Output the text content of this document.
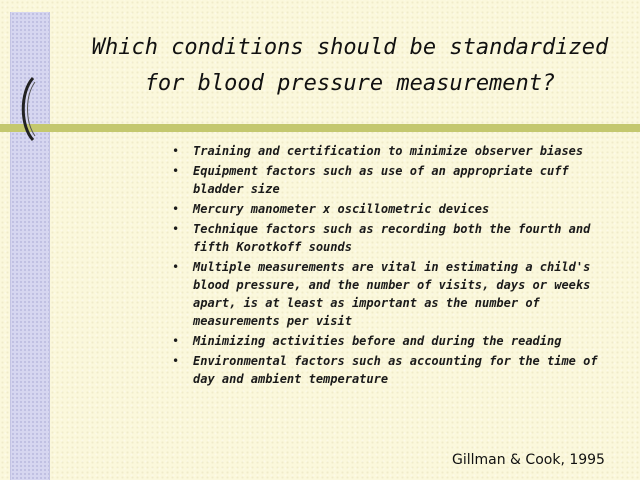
Which conditions should be standardized
for blood pressure measurement?
• Training and certification to minimize observer biases
• Equipment factors such as use of an appropriate cuff bladder size
• Mercury manometer x oscillometric devices
• Technique factors such as recording both the fourth and fifth Korotkoff sounds
• Multiple measurements are vital in estimating a child's blood pressure, and the number of visits, days or weeks apart, is at least as important as the number of measurements per visit
• Minimizing activities before and during the reading
• Environmental factors such as accounting for the time of day and ambient temperature
Gillman & Cook, 1995
